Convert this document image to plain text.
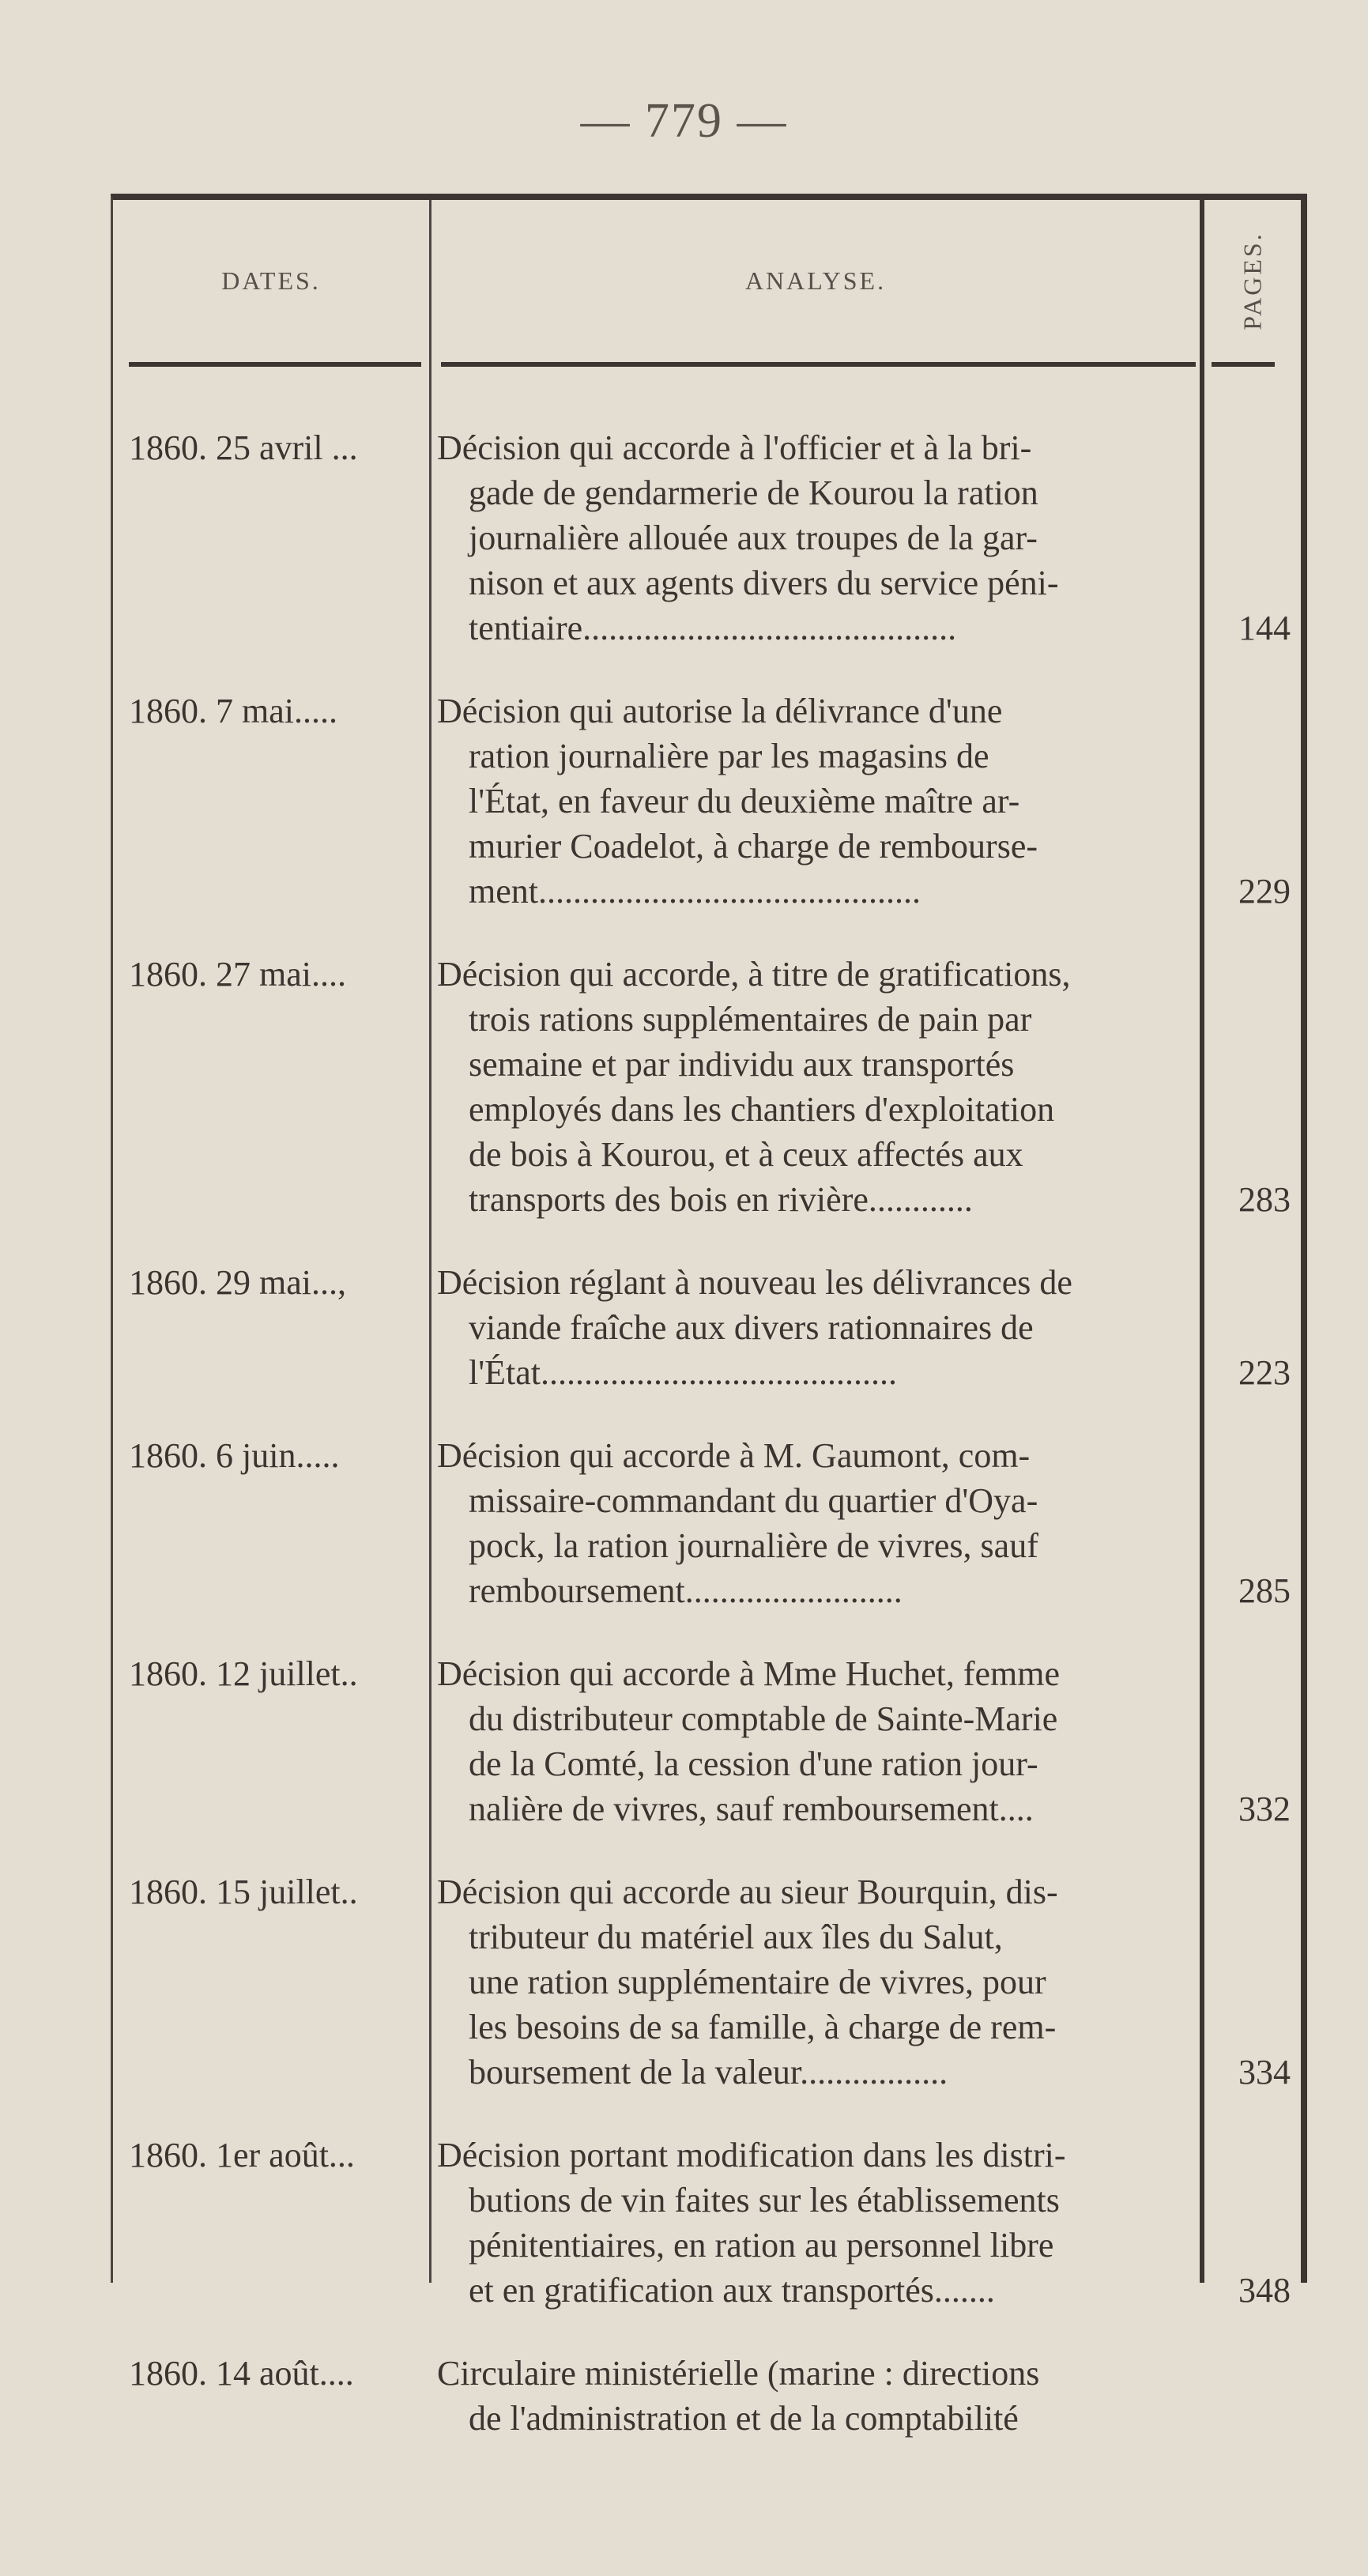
— 779 —
DATES.	ANALYSE.	PAGES.
1860. 25 avril ...	Décision qui accorde à l'officier et à la bri-
gade de gendarmerie de Kourou la ration
journalière allouée aux troupes de la gar-
nison et aux agents divers du service péni-
tentiaire...........................................	144
1860. 7 mai.....	Décision qui autorise la délivrance d'une
ration journalière par les magasins de
l'État, en faveur du deuxième maître ar-
murier Coadelot, à charge de rembourse-
ment............................................	229
1860. 27 mai....	Décision qui accorde, à titre de gratifications,
trois rations supplémentaires de pain par
semaine et par individu aux transportés
employés dans les chantiers d'exploitation
de bois à Kourou, et à ceux affectés aux
transports des bois en rivière............	283
1860. 29 mai...,	Décision réglant à nouveau les délivrances de
viande fraîche aux divers rationnaires de
l'État.........................................	223
1860. 6 juin.....	Décision qui accorde à M. Gaumont, com-
missaire-commandant du quartier d'Oya-
pock, la ration journalière de vivres, sauf
remboursement.........................	285
1860. 12 juillet..	Décision qui accorde à Mme Huchet, femme
du distributeur comptable de Sainte-Marie
de la Comté, la cession d'une ration jour-
nalière de vivres, sauf remboursement....	332
1860. 15 juillet..	Décision qui accorde au sieur Bourquin, dis-
tributeur du matériel aux îles du Salut,
une ration supplémentaire de vivres, pour
les besoins de sa famille, à charge de rem-
boursement de la valeur.................	334
1860. 1er août...	Décision portant modification dans les distri-
butions de vin faites sur les établissements
pénitentiaires, en ration au personnel libre
et en gratification aux transportés.......	348
1860. 14 août....	Circulaire ministérielle (marine : directions
de l'administration et de la comptabilité
